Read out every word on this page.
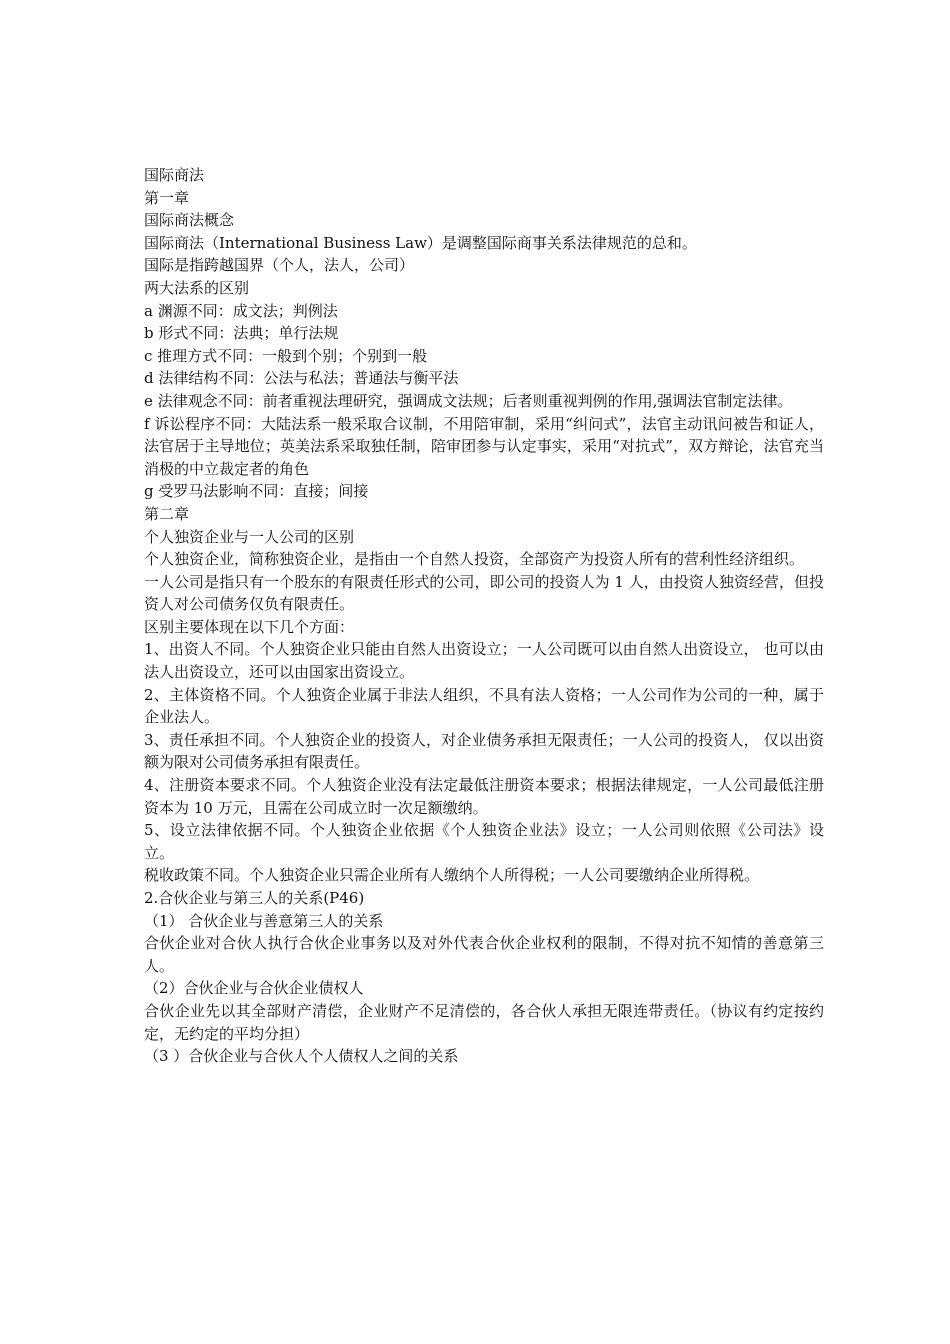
国际商法
第一章
国际商法概念
国际商法（International Business Law）是调整国际商事关系法律规范的总和。
国际是指跨越国界（个人，法人，公司）
两大法系的区别
a 渊源不同：成文法；判例法
b 形式不同：法典；单行法规
c 推理方式不同：一般到个别；个别到一般
d 法律结构不同：公法与私法；普通法与衡平法
e 法律观念不同：前者重视法理研究，强调成文法规；后者则重视判例的作用,强调法官制定法律。
f 诉讼程序不同：大陆法系一般采取合议制，不用陪审制，采用“纠问式”，法官主动讯问被告和证人，法官居于主导地位；英美法系采取独任制，陪审团参与认定事实，采用“对抗式”，双方辩论，法官充当消极的中立裁定者的角色
g 受罗马法影响不同：直接；间接
第二章
个人独资企业与一人公司的区别
个人独资企业，简称独资企业，是指由一个自然人投资，全部资产为投资人所有的营利性经济组织。
一人公司是指只有一个股东的有限责任形式的公司，即公司的投资人为 1 人，由投资人独资经营，但投资人对公司债务仅负有限责任。
区别主要体现在以下几个方面：
1、出资人不同。个人独资企业只能由自然人出资设立；一人公司既可以由自然人出资设立， 也可以由法人出资设立，还可以由国家出资设立。
2、主体资格不同。个人独资企业属于非法人组织，不具有法人资格；一人公司作为公司的一种，属于企业法人。
3、责任承担不同。个人独资企业的投资人，对企业债务承担无限责任；一人公司的投资人， 仅以出资额为限对公司债务承担有限责任。
4、注册资本要求不同。个人独资企业没有法定最低注册资本要求；根据法律规定，一人公司最低注册资本为 10 万元，且需在公司成立时一次足额缴纳。
5、设立法律依据不同。个人独资企业依据《个人独资企业法》设立；一人公司则依照《公司法》设立。
税收政策不同。个人独资企业只需企业所有人缴纳个人所得税；一人公司要缴纳企业所得税。
2.合伙企业与第三人的关系(P46)
（1） 合伙企业与善意第三人的关系
合伙企业对合伙人执行合伙企业事务以及对外代表合伙企业权利的限制，不得对抗不知情的善意第三人。
（2）合伙企业与合伙企业债权人
合伙企业先以其全部财产清偿，企业财产不足清偿的，各合伙人承担无限连带责任。（协议有约定按约定，无约定的平均分担）
（3 ）合伙企业与合伙人个人债权人之间的关系
